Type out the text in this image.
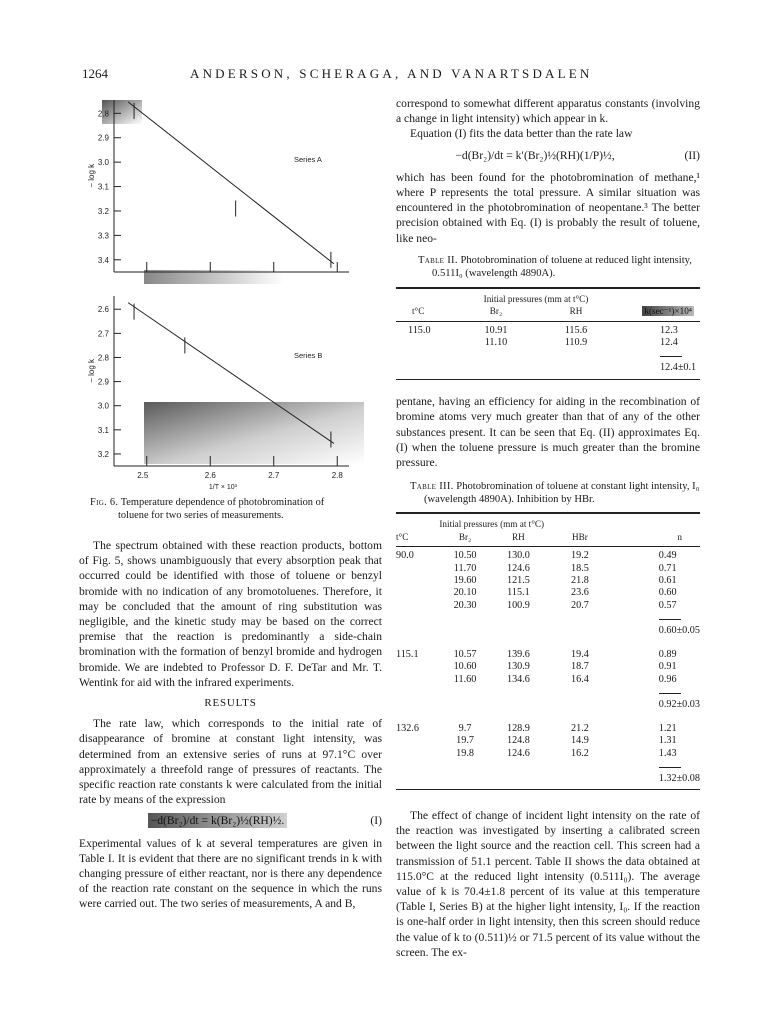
1264	ANDERSON, SCHERAGA, AND VANARTSDALEN
2.8
2.9
3.0
3.1
3.2
3.3
3.4
− log k
Series A
2.6
2.7
2.8
2.9
3.0
3.1
3.2
− log k
Series B
2.5	2.6	2.7	2.8
1/T × 10³
Fig. 6. Temperature dependence of photobromination of
toluene for two series of measurements.

The spectrum obtained with these reaction products, bottom of Fig. 5, shows unambiguously that every absorption peak that occurred could be identified with those of toluene or benzyl bromide with no indication of any bromotoluenes. Therefore, it may be concluded that the amount of ring substitution was negligible, and the kinetic study may be based on the correct premise that the reaction is predominantly a side-chain bromination with the formation of benzyl bromide and hydrogen bromide. We are indebted to Professor D. F. DeTar and Mr. T. Wentink for aid with the infrared experiments.

RESULTS

The rate law, which corresponds to the initial rate of disappearance of bromine at constant light intensity, was determined from an extensive series of runs at 97.1°C over approximately a threefold range of pressures of reactants. The specific reaction rate constants k were calculated from the initial rate by means of the expression

−d(Br₂)/dt = k(Br₂)½(RH)½.	(I)

Experimental values of k at several temperatures are given in Table I. It is evident that there are no significant trends in k with changing pressure of either reactant, nor is there any dependence of the reaction rate constant on the sequence in which the runs were carried out. The two series of measurements, A and B,

correspond to somewhat different apparatus constants (involving a change in light intensity) which appear in k.

Equation (I) fits the data better than the rate law

−d(Br₂)/dt = k′(Br₂)½(RH)(1/P)½,	(II)

which has been found for the photobromination of methane,¹ where P represents the total pressure. A similar situation was encountered in the photobromination of neopentane.³ The better precision obtained with Eq. (I) is probably the result of toluene, like neo-

Table II. Photobromination of toluene at reduced light intensity, 0.511I₀ (wavelength 4890A).
	Initial pressures (mm at t°C)		
t°C	Br₂	RH	k(sec⁻¹)×10⁴

115.0	10.91	115.6	12.3
	11.10	110.9	12.4

			12.4±0.1

pentane, having an efficiency for aiding in the recombination of bromine atoms very much greater than that of any of the other substances present. It can be seen that Eq. (II) approximates Eq. (I) when the toluene pressure is much greater than the bromine pressure.

Table III. Photobromination of toluene at constant light intensity, I₀ (wavelength 4890A). Inhibition by HBr.
	Initial pressures (mm at t°C)			
t°C	Br₂	RH	HBr	n

90.0	10.50	130.0	19.2	0.49
	11.70	124.6	18.5	0.71
	19.60	121.5	21.8	0.61
	20.10	115.1	23.6	0.60
	20.30	100.9	20.7	0.57

				0.60±0.05

115.1	10.57	139.6	19.4	0.89
	10.60	130.9	18.7	0.91
	11.60	134.6	16.4	0.96

				0.92±0.03

132.6	9.7	128.9	21.2	1.21
	19.7	124.8	14.9	1.31
	19.8	124.6	16.2	1.43

				1.32±0.08

The effect of change of incident light intensity on the rate of the reaction was investigated by inserting a calibrated screen between the light source and the reaction cell. This screen had a transmission of 51.1 percent. Table II shows the data obtained at 115.0°C at the reduced light intensity (0.511I₀). The average value of k is 70.4±1.8 percent of its value at this temperature (Table I, Series B) at the higher light intensity, I₀. If the reaction is one-half order in light intensity, then this screen should reduce the value of k to (0.511)½ or 71.5 percent of its value without the screen. The ex-
